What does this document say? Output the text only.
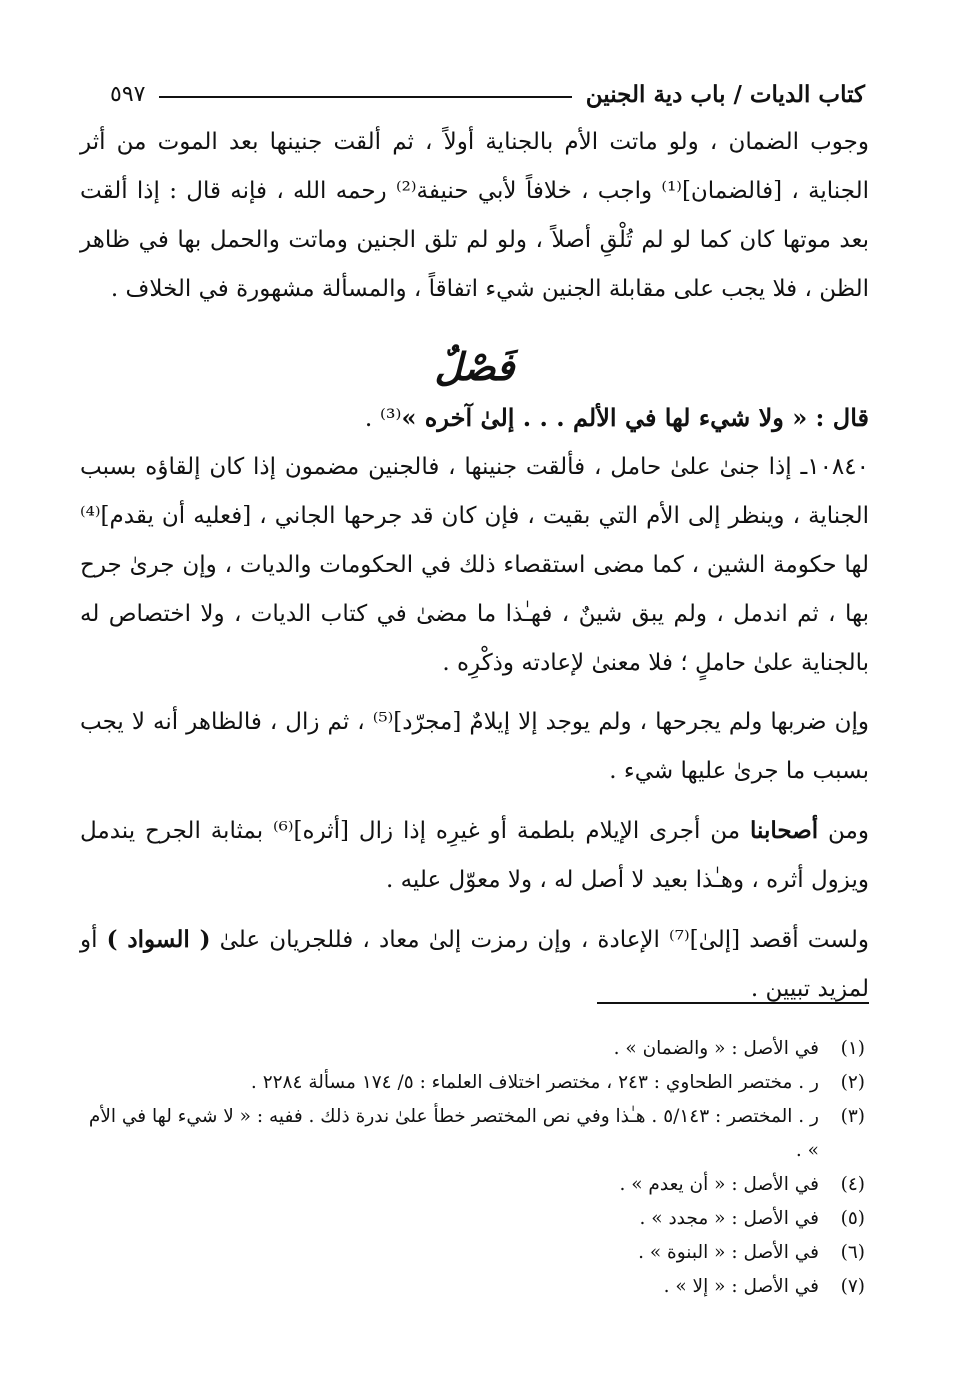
كتاب الديات / باب دية الجنين
٥٩٧

وجوب الضمان ، ولو ماتت الأم بالجناية أولاً ، ثم ألقت جنينها بعد الموت من أثر الجناية ، [فالضمان]⁽¹⁾ واجب ، خلافاً لأبي حنيفة⁽²⁾ رحمه الله ، فإنه قال : إذا ألقت بعد موتها كان كما لو لم تُلْقِ أصلاً ، ولو لم تلق الجنين وماتت والحمل بها في ظاهر الظن ، فلا يجب على مقابلة الجنين شيء اتفاقاً ، والمسألة مشهورة في الخلاف .

فَصْلٌ

قال : « ولا شيء لها في الألم . . . إلىٰ آخره »⁽³⁾ .

١٠٨٤٠ـ إذا جنىٰ علىٰ حامل ، فألقت جنينها ، فالجنين مضمون إذا كان إلقاؤه بسبب الجناية ، وينظر إلى الأم التي بقيت ، فإن كان قد جرحها الجاني ، [فعليه أن يقدم]⁽⁴⁾ لها حكومة الشين ، كما مضى استقصاء ذلك في الحكومات والديات ، وإن جرىٰ جرح بها ، ثم اندمل ، ولم يبق شينٌ ، فهـٰذا ما مضىٰ في كتاب الديات ، ولا اختصاص له بالجناية علىٰ حاملٍ ؛ فلا معنىٰ لإعادته وذكْرِه .

وإن ضربها ولم يجرحها ، ولم يوجد إلا إيلامٌ [مجرّد]⁽⁵⁾ ، ثم زال ، فالظاهر أنه لا يجب بسبب ما جرىٰ عليها شيء .

ومن أصحابنا من أجرى الإيلام بلطمة أو غيرِه إذا زال [أثره]⁽⁶⁾ بمثابة الجرح يندمل ويزول أثره ، وهـٰذا بعيد لا أصل له ، ولا معوّل عليه .

ولست أقصد [إلىٰ]⁽⁷⁾ الإعادة ، وإن رمزت إلىٰ معاد ، فللجريان علىٰ ( السواد ) أو لمزيد تبيين .

(١)
في الأصل : « والضمان » .
(٢)
ر . مختصر الطحاوي : ٢٤٣ ، مختصر اختلاف العلماء : ٥/ ١٧٤ مسألة ٢٢٨٤ .
(٣)
ر . المختصر : ٥/١٤٣ . هـٰذا وفي نص المختصر خطأ علىٰ ندرة ذلك . ففيه : « لا شيء لها في الأم » .
(٤)
في الأصل : « أن يعدم » .
(٥)
في الأصل : « مجدد » .
(٦)
في الأصل : « البنوة » .
(٧)
في الأصل : « إلا » .
